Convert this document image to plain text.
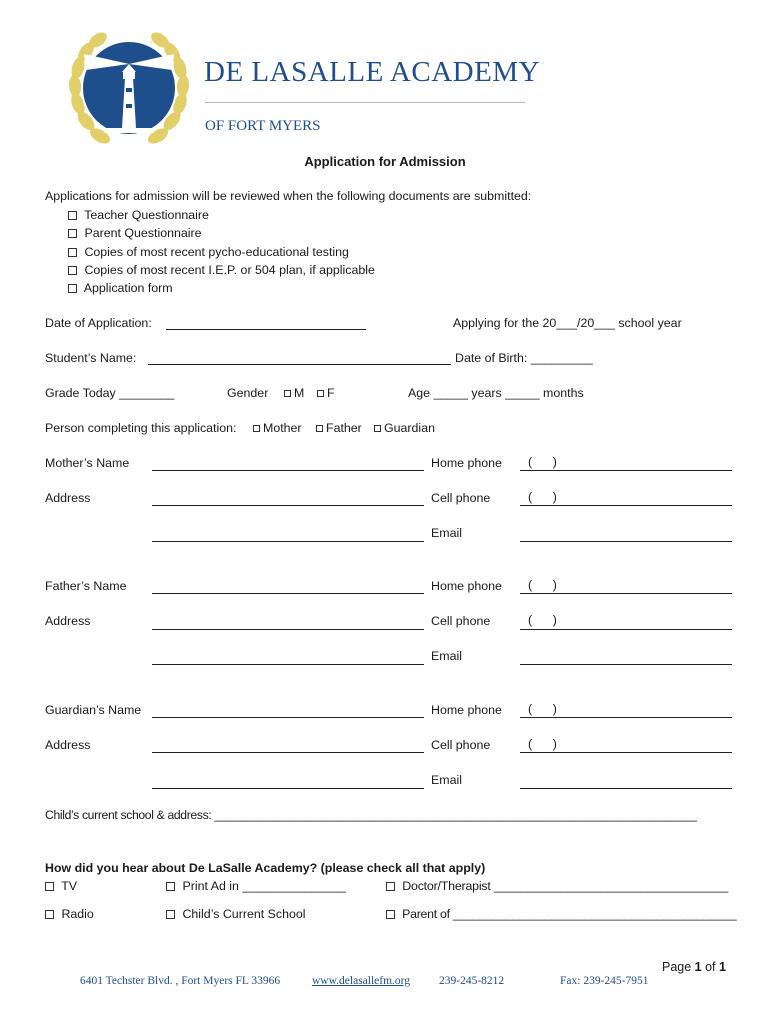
DE LASALLE ACADEMY
OF FORT MYERS
Application for Admission
Applications for admission will be reviewed when the following documents are submitted:
Teacher Questionnaire
Parent Questionnaire
Copies of most recent pycho-educational testing
Copies of most recent I.E.P. or 504 plan, if applicable
Application form
Date of Application:	Applying for the 20___/20___ school year
Student’s Name:	Date of Birth: _________
Grade Today ________	Gender	M	F	Age _____ years _____ months
Person completing this application:	Mother	Father	Guardian
Mother’s Name	Home phone (      )
Address	Cell phone	(      )
Email
Father’s Name	Home phone (      )
Address	Cell phone	(      )
Email
Guardian’s Name	Home phone (      )
Address	Cell phone	(      )
Email
Child’s current school & address: ___________________________________________________________________________
How did you hear about De LaSalle Academy? (please check all that apply)
TV	Print Ad in _______________	Doctor/Therapist ___________________________________
Radio	Child’s Current School	Parent of ___________________________________________
Page 1 of 1
6401 Techster Blvd. , Fort Myers FL 33966	www.delasallefm.org	239-245-8212	Fax: 239-245-7951
